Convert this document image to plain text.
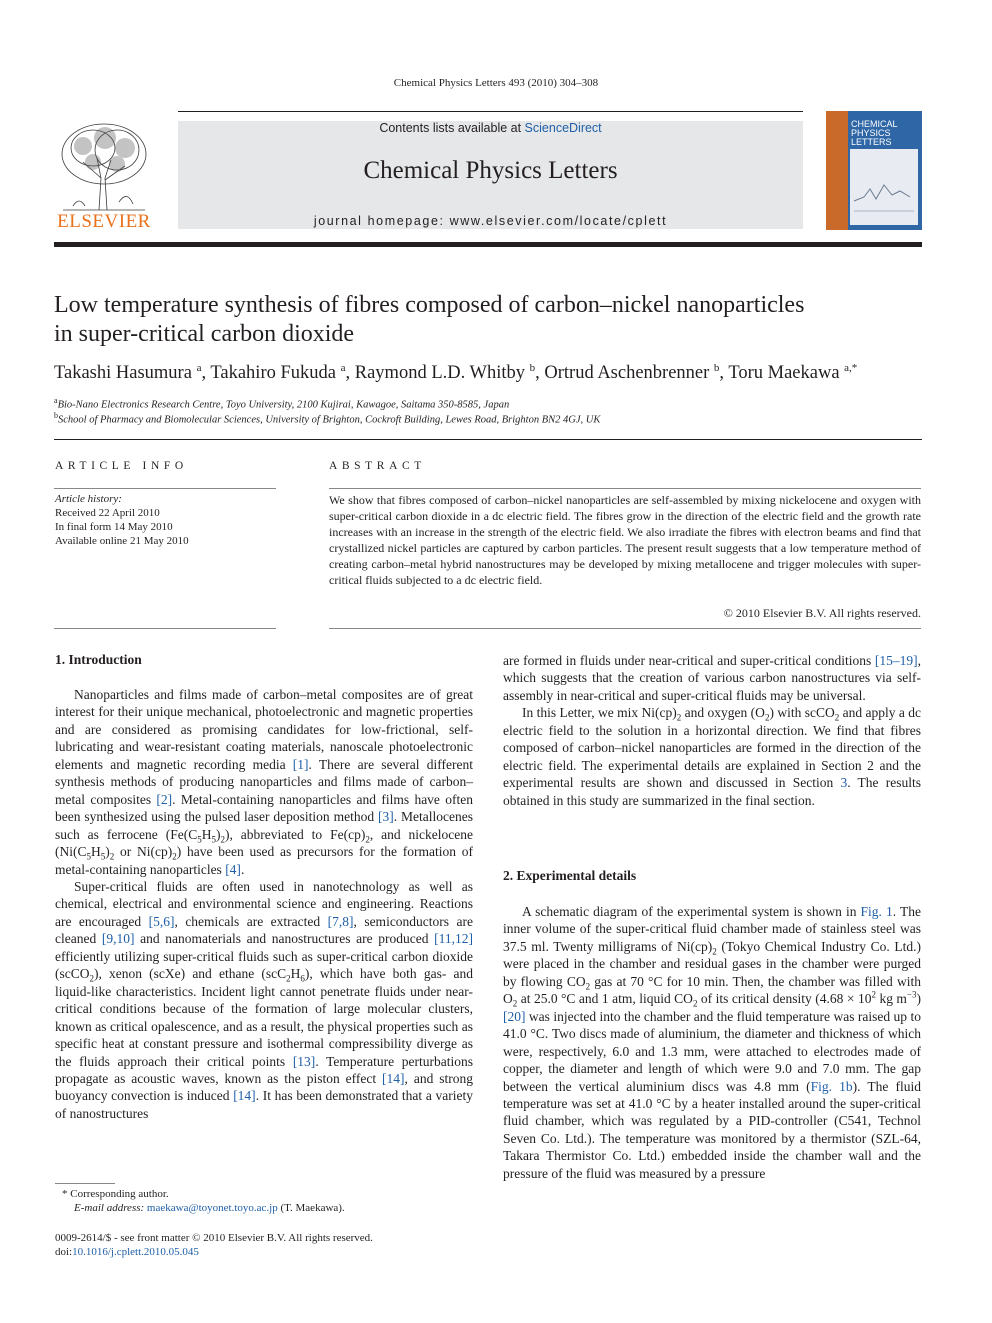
Chemical Physics Letters 493 (2010) 304–308
ELSEVIER
Contents lists available at ScienceDirect
Chemical Physics Letters
journal homepage: www.elsevier.com/locate/cplett
CHEMICAL
PHYSICS
LETTERS
Low temperature synthesis of fibres composed of carbon–nickel nanoparticles
in super-critical carbon dioxide
Takashi Hasumura $^a$, Takahiro Fukuda $^a$, Raymond L.D. Whitby $^b$, Ortrud Aschenbrenner $^b$, Toru Maekawa $^{a,*}$
$^a$Bio-Nano Electronics Research Centre, Toyo University, 2100 Kujirai, Kawagoe, Saitama 350-8585, Japan
$^b$School of Pharmacy and Biomolecular Sciences, University of Brighton, Cockroft Building, Lewes Road, Brighton BN2 4GJ, UK
ARTICLE INFO
Article history:
Received 22 April 2010
In final form 14 May 2010
Available online 21 May 2010
ABSTRACT
We show that fibres composed of carbon–nickel nanoparticles are self-assembled by mixing nickelocene and oxygen with super-critical carbon dioxide in a dc electric field. The fibres grow in the direction of the electric field and the growth rate increases with an increase in the strength of the electric field. We also irradiate the fibres with electron beams and find that crystallized nickel particles are captured by carbon particles. The present result suggests that a low temperature method of creating carbon–metal hybrid nanostructures may be developed by mixing metallocene and trigger molecules with super-critical fluids subjected to a dc electric field.
© 2010 Elsevier B.V. All rights reserved.
1. Introduction

Nanoparticles and films made of carbon–metal composites are of great interest for their unique mechanical, photoelectronic and magnetic properties and are considered as promising candidates for low-frictional, self-lubricating and wear-resistant coating materials, nanoscale photoelectronic elements and magnetic recording media [1]. There are several different synthesis methods of producing nanoparticles and films made of carbon–metal composites [2]. Metal-containing nanoparticles and films have often been synthesized using the pulsed laser deposition method [3]. Metallocenes such as ferrocene $(Fe(C_5H_5)_2)$, abbreviated to $Fe(cp)_2$, and nickelocene ($Ni(C_5H_5)_2$ or $Ni(cp)_2$) have been used as precursors for the formation of metal-containing nanoparticles [4].

Super-critical fluids are often used in nanotechnology as well as chemical, electrical and environmental science and engineering. Reactions are encouraged [5,6], chemicals are extracted [7,8], semiconductors are cleaned [9,10] and nanomaterials and nanostructures are produced [11,12] efficiently utilizing super-critical fluids such as super-critical carbon dioxide (scCO$_2$), xenon (scXe) and ethane $(scC_2H_6)$, which have both gas- and liquid-like characteristics. Incident light cannot penetrate fluids under near-critical conditions because of the formation of large molecular clusters, known as critical opalescence, and as a result, the physical properties such as specific heat at constant pressure and isothermal compressibility diverge as the fluids approach their critical points [13]. Temperature perturbations propagate as acoustic waves, known as the piston effect [14], and strong buoyancy convection is induced [14]. It has been demonstrated that a variety of nanostructures

* Corresponding author.
E-mail address: maekawa@toyonet.toyo.ac.jp (T. Maekawa).
0009-2614/$ - see front matter © 2010 Elsevier B.V. All rights reserved.
doi:10.1016/j.cplett.2010.05.045

are formed in fluids under near-critical and super-critical conditions [15–19], which suggests that the creation of various carbon nanostructures via self-assembly in near-critical and super-critical fluids may be universal.

In this Letter, we mix $Ni(cp)_2$ and oxygen $(O_2)$ with scCO$_2$ and apply a dc electric field to the solution in a horizontal direction. We find that fibres composed of carbon–nickel nanoparticles are formed in the direction of the electric field. The experimental details are explained in Section 2 and the experimental results are shown and discussed in Section 3. The results obtained in this study are summarized in the final section.

2. Experimental details

A schematic diagram of the experimental system is shown in Fig. 1. The inner volume of the super-critical fluid chamber made of stainless steel was 37.5 ml. Twenty milligrams of $Ni(cp)_2$ (Tokyo Chemical Industry Co. Ltd.) were placed in the chamber and residual gases in the chamber were purged by flowing $CO_2$ gas at 70 °C for 10 min. Then, the chamber was filled with $O_2$ at 25.0 °C and 1 atm, liquid $CO_2$ of its critical density ($4.68 \times 10^2$ kg $m^{-3}$) [20] was injected into the chamber and the fluid temperature was raised up to 41.0 °C. Two discs made of aluminium, the diameter and thickness of which were, respectively, 6.0 and 1.3 mm, were attached to electrodes made of copper, the diameter and length of which were 9.0 and 7.0 mm. The gap between the vertical aluminium discs was 4.8 mm (Fig. 1b). The fluid temperature was set at 41.0 °C by a heater installed around the super-critical fluid chamber, which was regulated by a PID-controller (C541, Technol Seven Co. Ltd.). The temperature was monitored by a thermistor (SZL-64, Takara Thermistor Co. Ltd.) embedded inside the chamber wall and the pressure of the fluid was measured by a pressure
